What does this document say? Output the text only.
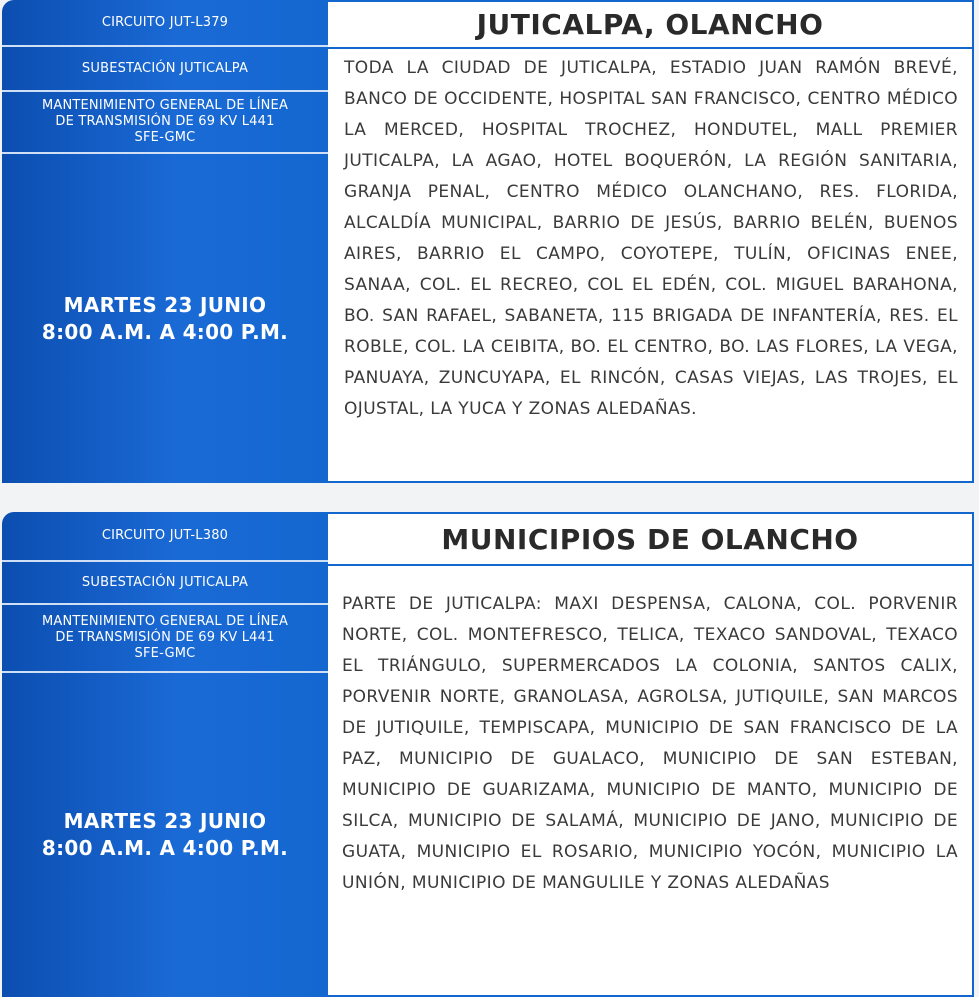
CIRCUITO JUT-L379
SUBESTACIÓN JUTICALPA
MANTENIMIENTO GENERAL DE LÍNEA
DE TRANSMISIÓN DE 69 KV L441
SFE-GMC
MARTES 23 JUNIO
8:00 A.M. A 4:00 P.M.
JUTICALPA, OLANCHO

TODA LA CIUDAD DE JUTICALPA, ESTADIO JUAN RAMÓN BREVÉ, BANCO DE OCCIDENTE, HOSPITAL SAN FRANCISCO, CENTRO MÉDICO LA MERCED, HOSPITAL TROCHEZ, HONDUTEL, MALL PREMIER JUTICALPA, LA AGAO, HOTEL BOQUERÓN, LA REGIÓN SANITARIA, GRANJA PENAL, CENTRO MÉDICO OLANCHANO, RES. FLORIDA, ALCALDÍA MUNICIPAL, BARRIO DE JESÚS, BARRIO BELÉN, BUENOS AIRES, BARRIO EL CAMPO, COYOTEPE, TULÍN, OFICINAS ENEE, SANAA, COL. EL RECREO, COL EL EDÉN, COL. MIGUEL BARAHONA, BO. SAN RAFAEL, SABANETA, 115 BRIGADA DE INFANTERÍA, RES. EL ROBLE, COL. LA CEIBITA, BO. EL CENTRO, BO. LAS FLORES, LA VEGA, PANUAYA, ZUNCUYAPA, EL RINCÓN, CASAS VIEJAS, LAS TROJES, EL OJUSTAL, LA YUCA Y ZONAS ALEDAÑAS.

CIRCUITO JUT-L380
SUBESTACIÓN JUTICALPA
MANTENIMIENTO GENERAL DE LÍNEA
DE TRANSMISIÓN DE 69 KV L441
SFE-GMC
MARTES 23 JUNIO
8:00 A.M. A 4:00 P.M.
MUNICIPIOS DE OLANCHO

PARTE DE JUTICALPA: MAXI DESPENSA, CALONA, COL. PORVENIR NORTE, COL. MONTEFRESCO, TELICA, TEXACO SANDOVAL, TEXACO EL TRIÁNGULO, SUPERMERCADOS LA COLONIA, SANTOS CALIX, PORVENIR NORTE, GRANOLASA, AGROLSA, JUTIQUILE, SAN MARCOS DE JUTIQUILE, TEMPISCAPA, MUNICIPIO DE SAN FRANCISCO DE LA PAZ, MUNICIPIO DE GUALACO, MUNICIPIO DE SAN ESTEBAN, MUNICIPIO DE GUARIZAMA, MUNICIPIO DE MANTO, MUNICIPIO DE SILCA, MUNICIPIO DE SALAMÁ, MUNICIPIO DE JANO, MUNICIPIO DE GUATA, MUNICIPIO EL ROSARIO, MUNICIPIO YOCÓN, MUNICIPIO LA UNIÓN, MUNICIPIO DE MANGULILE Y ZONAS ALEDAÑAS
